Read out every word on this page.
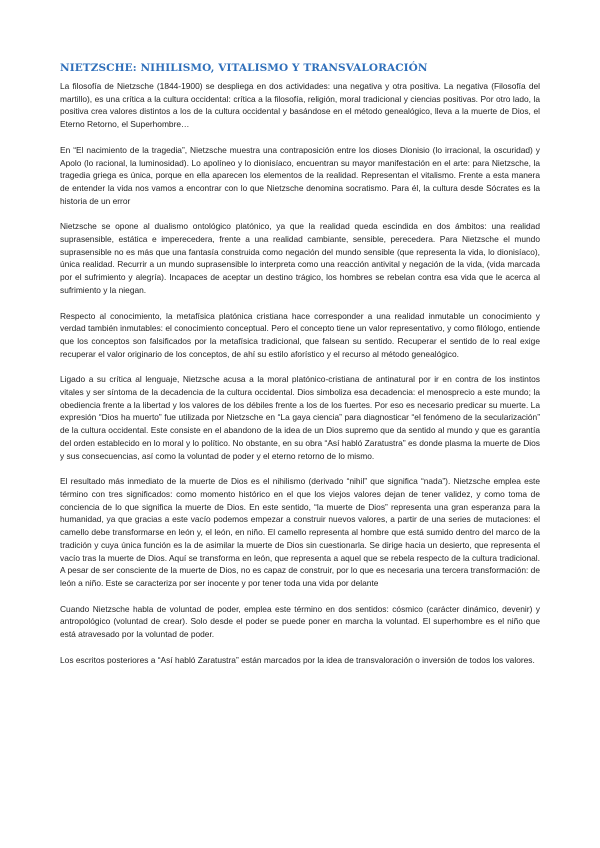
NIETZSCHE: NIHILISMO, VITALISMO Y TRANSVALORACIÓN

La filosofía de Nietzsche (1844-1900) se despliega en dos actividades: una negativa y otra positiva. La negativa (Filosofía del martillo), es una crítica a la cultura occidental: crítica a la filosofía, religión, moral tradicional y ciencias positivas. Por otro lado, la positiva crea valores distintos a los de la cultura occidental y basándose en el método genealógico, lleva a la muerte de Dios, el Eterno Retorno, el Superhombre…

En “El nacimiento de la tragedia”, Nietzsche muestra una contraposición entre los dioses Dionisio (lo irracional, la oscuridad) y Apolo (lo racional, la luminosidad). Lo apolíneo y lo dionisíaco, encuentran su mayor manifestación en el arte: para Nietzsche, la tragedia griega es única, porque en ella aparecen los elementos de la realidad. Representan el vitalismo. Frente a esta manera de entender la vida nos vamos a encontrar con lo que Nietzsche denomina socratismo. Para él, la cultura desde Sócrates es la historia de un error

Nietzsche se opone al dualismo ontológico platónico, ya que la realidad queda escindida en dos ámbitos: una realidad suprasensible, estática e imperecedera, frente a una realidad cambiante, sensible, perecedera. Para Nietzsche el mundo suprasensible no es más que una fantasía construida como negación del mundo sensible (que representa la vida, lo dionisíaco), única realidad. Recurrir a un mundo suprasensible lo interpreta como una reacción antivital y negación de la vida, (vida marcada por el sufrimiento y alegría). Incapaces de aceptar un destino trágico, los hombres se rebelan contra esa vida que le acerca al sufrimiento y la niegan.

Respecto al conocimiento, la metafísica platónica cristiana hace corresponder a una realidad inmutable un conocimiento y verdad también inmutables: el conocimiento conceptual. Pero el concepto tiene un valor representativo, y como filólogo, entiende que los conceptos son falsificados por la metafísica tradicional, que falsean su sentido. Recuperar el sentido de lo real exige recuperar el valor originario de los conceptos, de ahí su estilo aforístico y el recurso al método genealógico.

Ligado a su crítica al lenguaje, Nietzsche acusa a la moral platónico-cristiana de antinatural por ir en contra de los instintos vitales y ser síntoma de la decadencia de la cultura occidental. Dios simboliza esa decadencia: el menosprecio a este mundo; la obediencia frente a la libertad y los valores de los débiles frente a los de los fuertes. Por eso es necesario predicar su muerte. La expresión “Dios ha muerto” fue utilizada por Nietzsche en “La gaya ciencia” para diagnosticar “el fenómeno de la secularización” de la cultura occidental. Este consiste en el abandono de la idea de un Dios supremo que da sentido al mundo y que es garantía del orden establecido en lo moral y lo político. No obstante, en su obra “Así habló Zaratustra” es donde plasma la muerte de Dios y sus consecuencias, así como la voluntad de poder y el eterno retorno de lo mismo.

El resultado más inmediato de la muerte de Dios es el nihilismo (derivado “nihil” que significa “nada”). Nietzsche emplea este término con tres significados: como momento histórico en el que los viejos valores dejan de tener validez, y como toma de conciencia de lo que significa la muerte de Dios. En este sentido, “la muerte de Dios” representa una gran esperanza para la humanidad, ya que gracias a este vacío podemos empezar a construir nuevos valores, a partir de una series de mutaciones: el camello debe transformarse en león y, el león, en niño. El camello representa al hombre que está sumido dentro del marco de la tradición y cuya única función es la de asimilar la muerte de Dios sin cuestionarla. Se dirige hacia un desierto, que representa el vacío tras la muerte de Dios. Aquí se transforma en león, que representa a aquel que se rebela respecto de la cultura tradicional. A pesar de ser consciente de la muerte de Dios, no es capaz de construir, por lo que es necesaria una tercera transformación: de león a niño. Este se caracteriza por ser inocente y por tener toda una vida por delante

Cuando Nietzsche habla de voluntad de poder, emplea este término en dos sentidos: cósmico (carácter dinámico, devenir) y antropológico (voluntad de crear). Solo desde el poder se puede poner en marcha la voluntad. El superhombre es el niño que está atravesado por la voluntad de poder.

Los escritos posteriores a “Así habló Zaratustra” están marcados por la idea de transvaloración o inversión de todos los valores.
